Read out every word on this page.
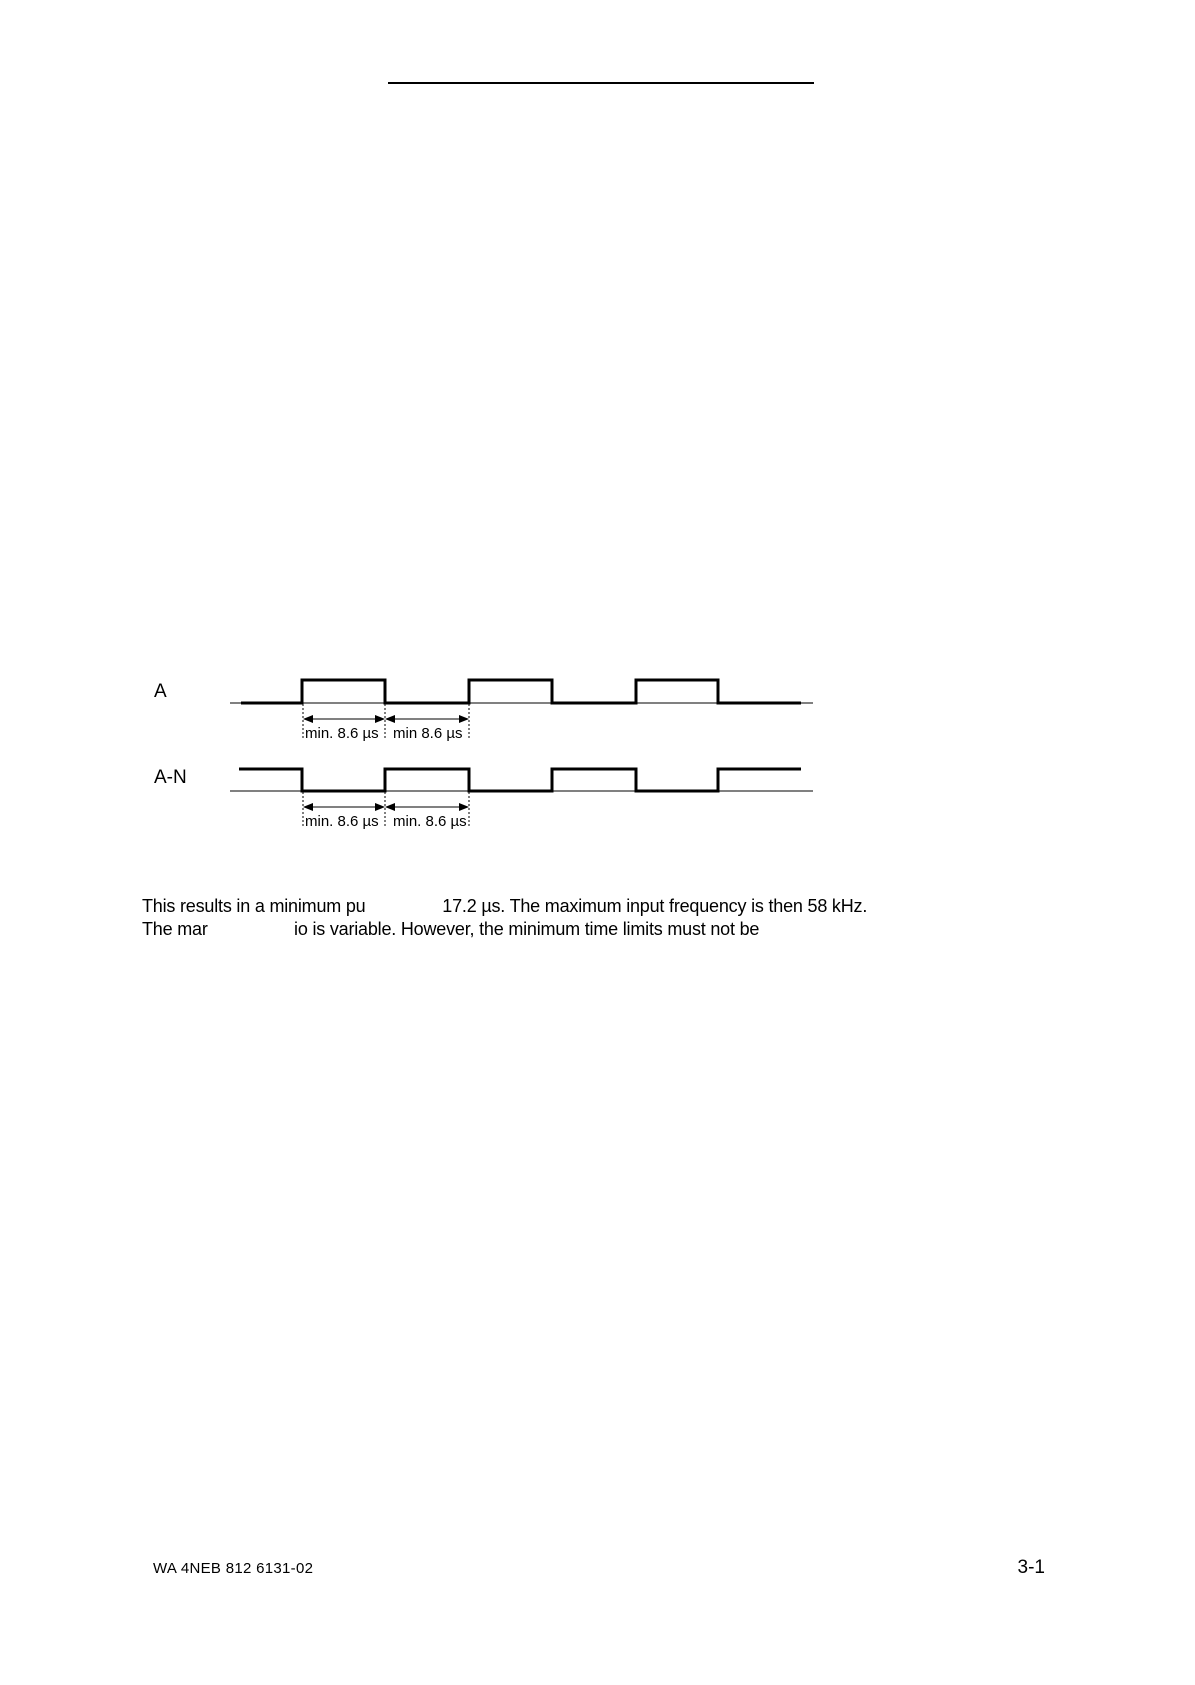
A
A-N
min. 8.6 µs min 8.6 µs
min. 8.6 µs min. 8.6 µs
This results in a minimum pu                17.2 µs. The maximum input frequency is then 58 kHz.
The mar                  io is variable. However, the minimum time limits must not be
WA 4NEB 812 6131-02	3-1
